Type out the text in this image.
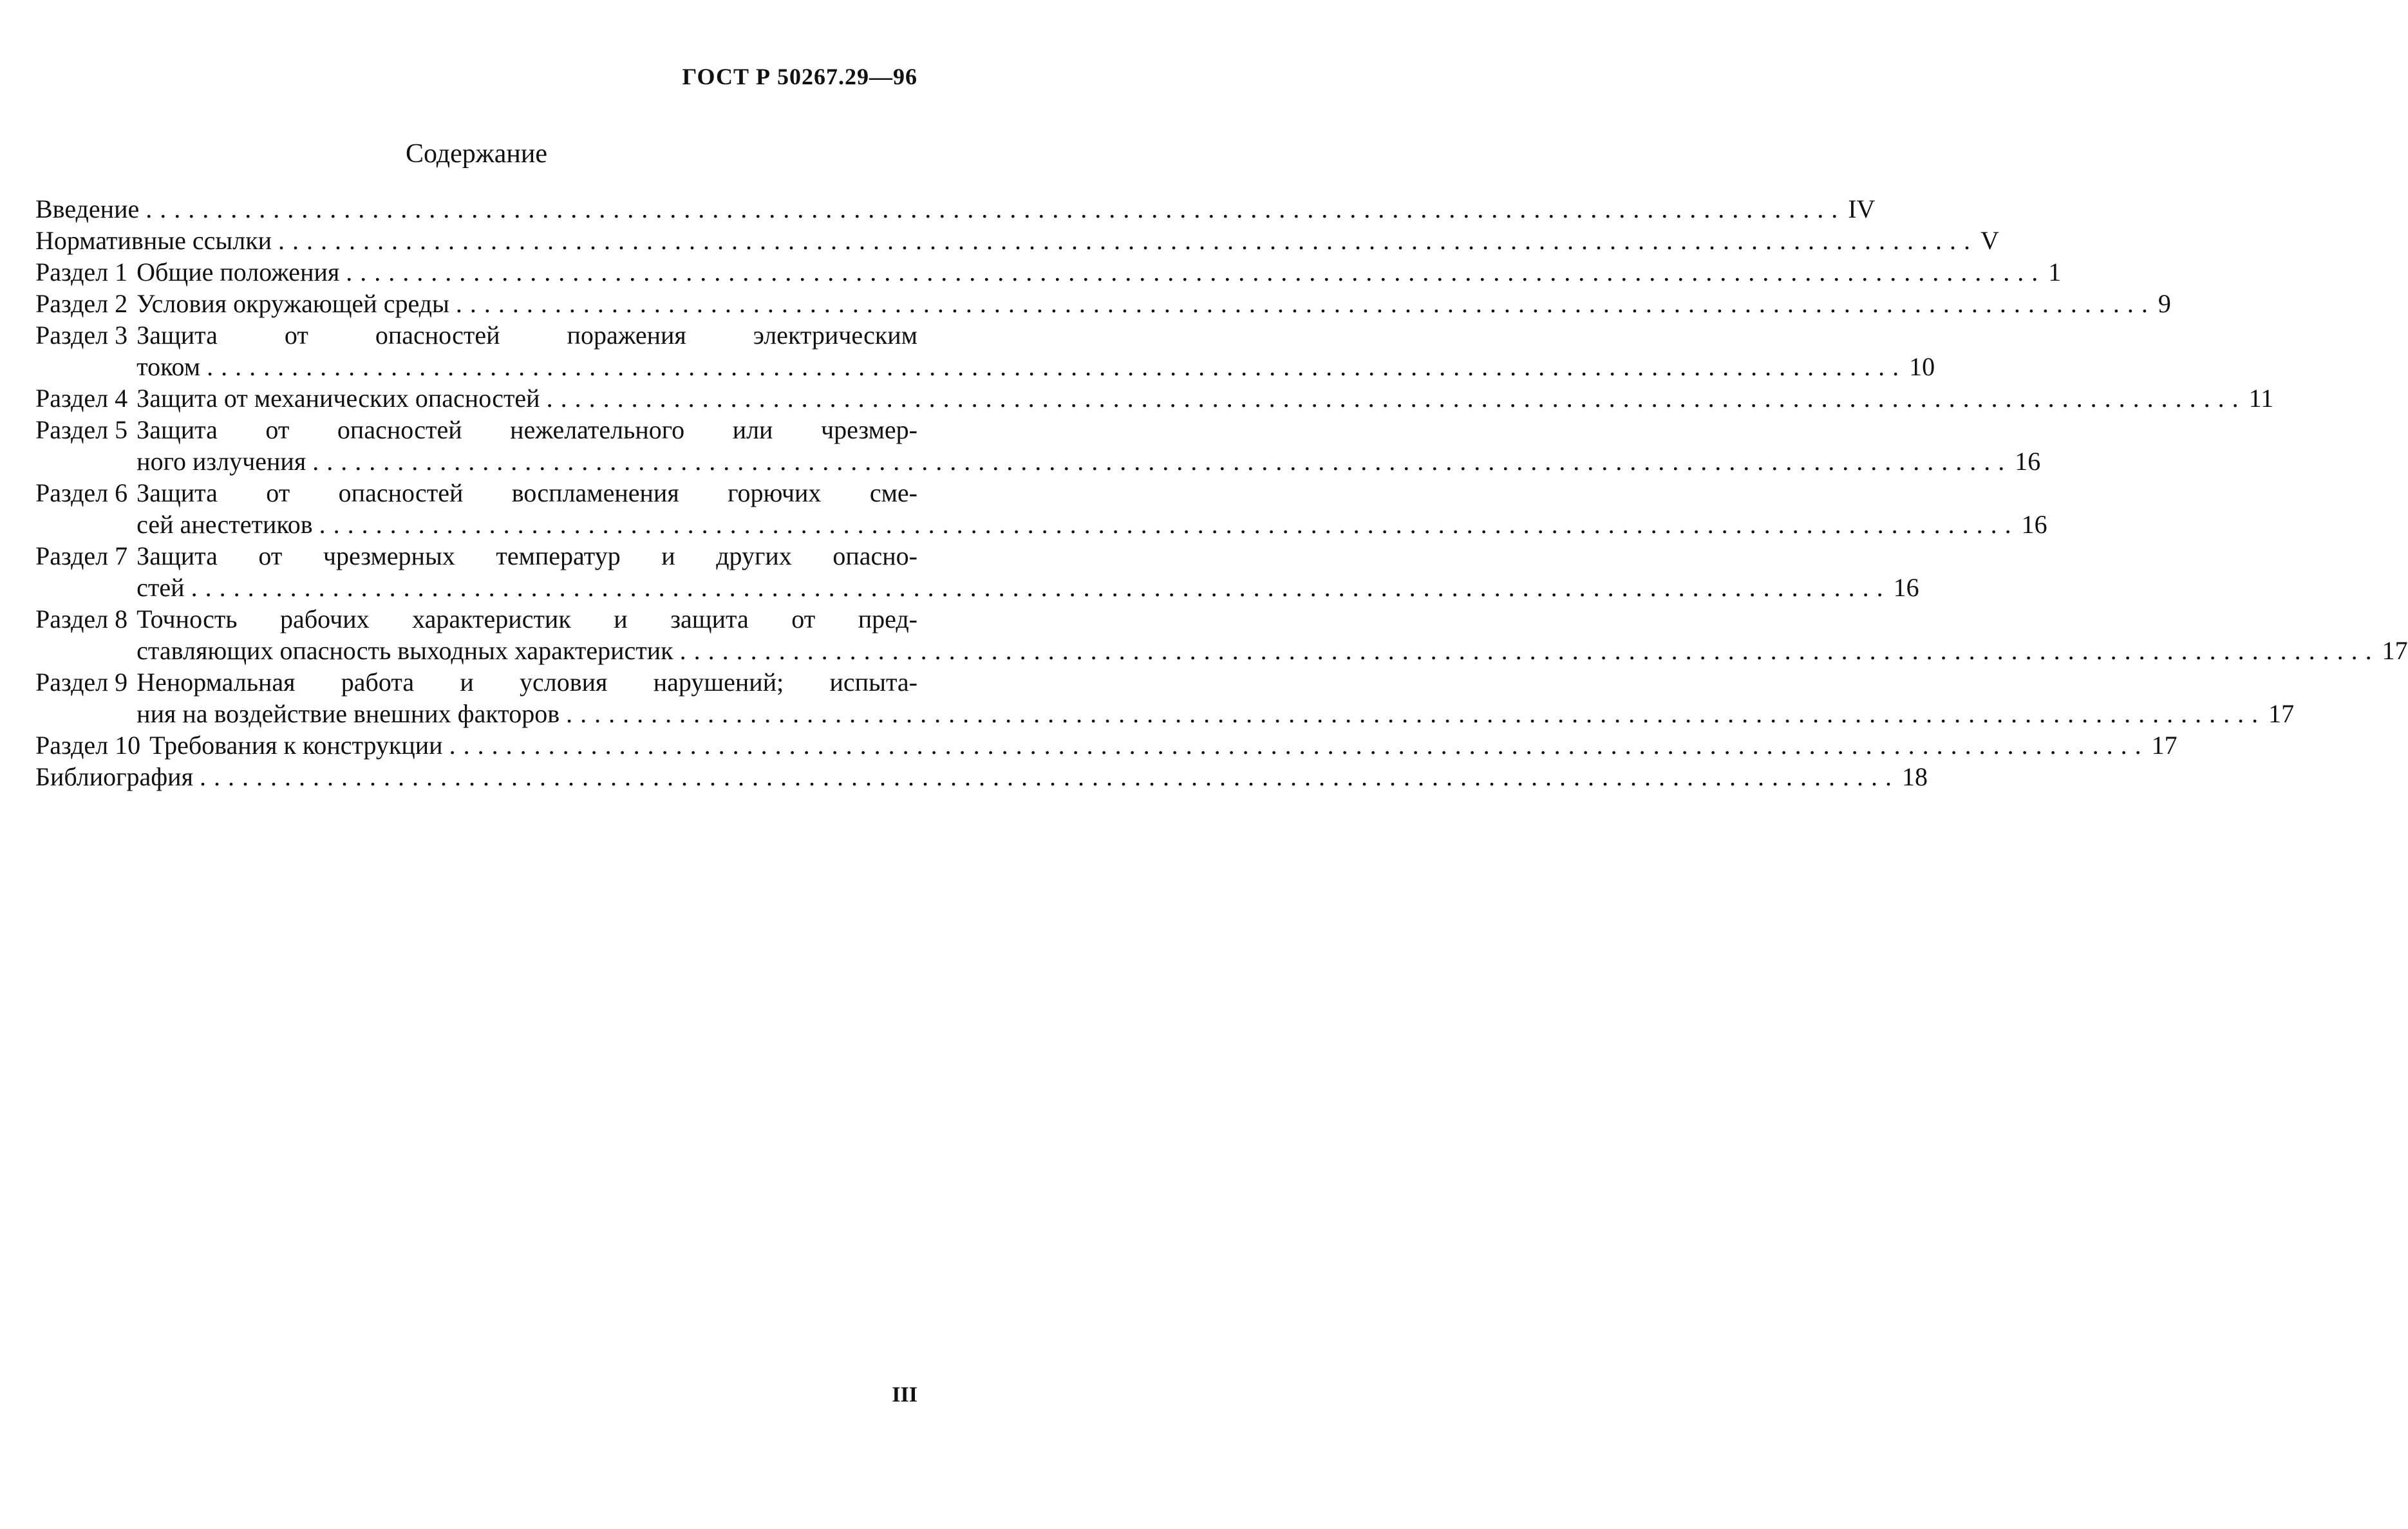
ГОСТ Р 50267.29—96
Содержание
Введение ........................................................................................................................ IV
Нормативные ссылки ........................................................................................................................ V
Раздел 1 Общие положения ........................................................................................................................ 1
Раздел 2 Условия окружающей среды ........................................................................................................................ 9
Раздел 3 Защита от опасностей поражения электрическим
током ........................................................................................................................ 10
Раздел 4 Защита от механических опасностей ........................................................................................................................ 11
Раздел 5 Защита от опасностей нежелательного или чрезмер-
ного излучения ........................................................................................................................ 16
Раздел 6 Защита от опасностей воспламенения горючих сме-
сей анестетиков ........................................................................................................................ 16
Раздел 7 Защита от чрезмерных температур и других опасно-
стей ........................................................................................................................ 16
Раздел 8 Точность рабочих характеристик и защита от пред-
ставляющих опасность выходных характеристик ........................................................................................................................ 17
Раздел 9 Ненормальная работа и условия нарушений; испыта-
ния на воздействие внешних факторов ........................................................................................................................ 17
Раздел 10 Требования к конструкции ........................................................................................................................ 17
Библиография ........................................................................................................................ 18
III
